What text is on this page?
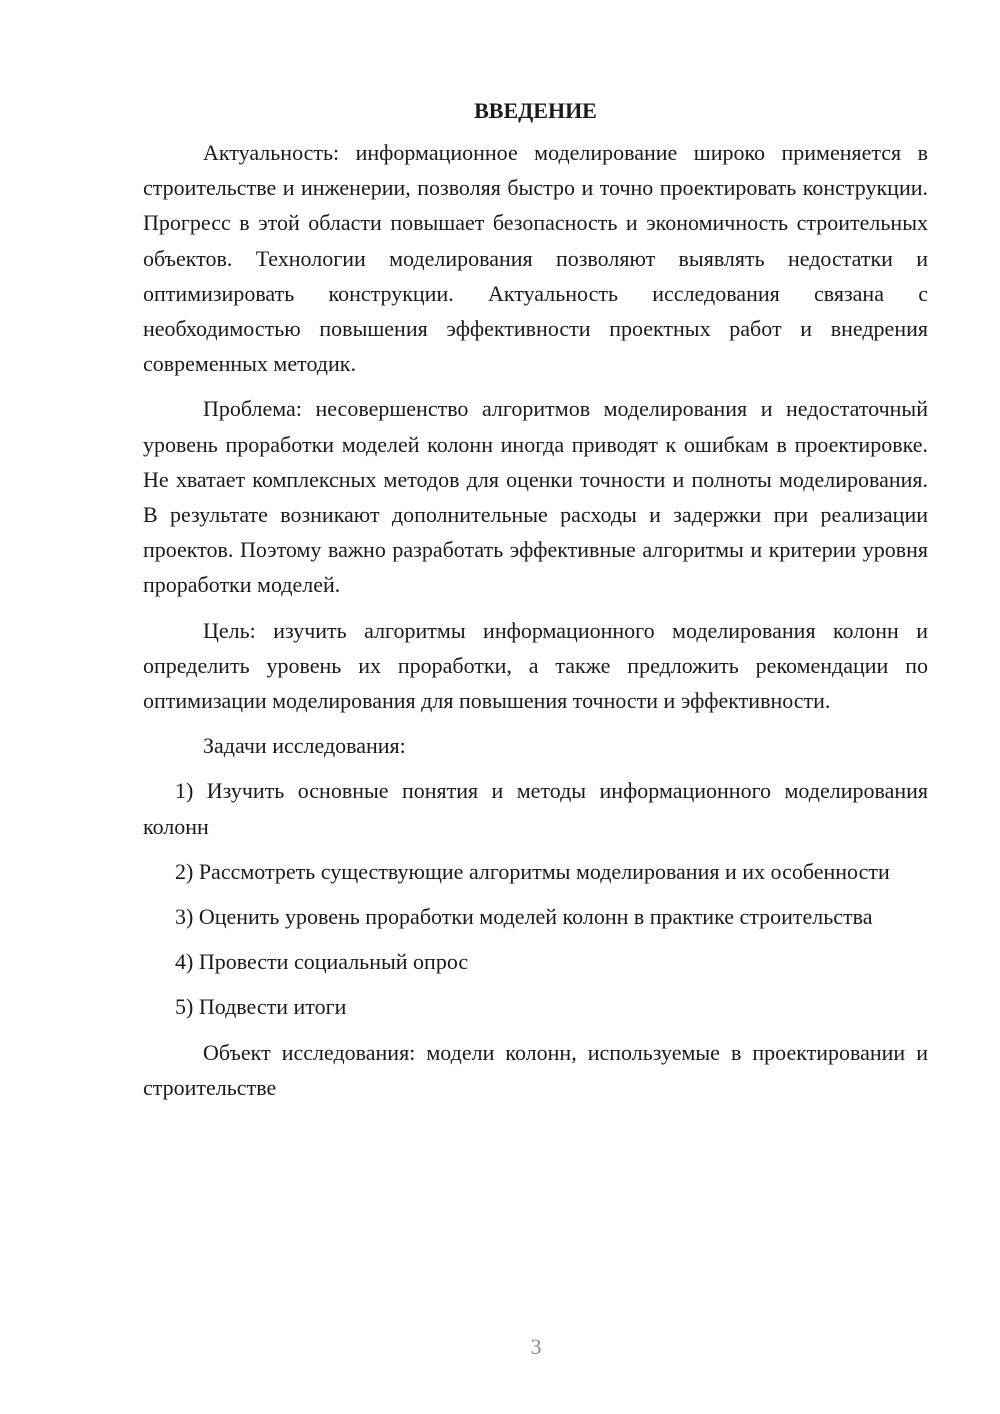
ВВЕДЕНИЕ

Актуальность: информационное моделирование широко применяется в строительстве и инженерии, позволяя быстро и точно проектировать конструкции. Прогресс в этой области повышает безопасность и экономичность строительных объектов. Технологии моделирования позволяют выявлять недостатки и оптимизировать конструкции. Актуальность исследования связана с необходимостью повышения эффективности проектных работ и внедрения современных методик.

Проблема: несовершенство алгоритмов моделирования и недостаточный уровень проработки моделей колонн иногда приводят к ошибкам в проектировке. Не хватает комплексных методов для оценки точности и полноты моделирования. В результате возникают дополнительные расходы и задержки при реализации проектов. Поэтому важно разработать эффективные алгоритмы и критерии уровня проработки моделей.

Цель: изучить алгоритмы информационного моделирования колонн и определить уровень их проработки, а также предложить рекомендации по оптимизации моделирования для повышения точности и эффективности.

Задачи исследования:

1) Изучить основные понятия и методы информационного моделирования колонн

2) Рассмотреть существующие алгоритмы моделирования и их особенности

3) Оценить уровень проработки моделей колонн в практике строительства

4) Провести социальный опрос

5) Подвести итоги

Объект исследования: модели колонн, используемые в проектировании и строительстве

3
